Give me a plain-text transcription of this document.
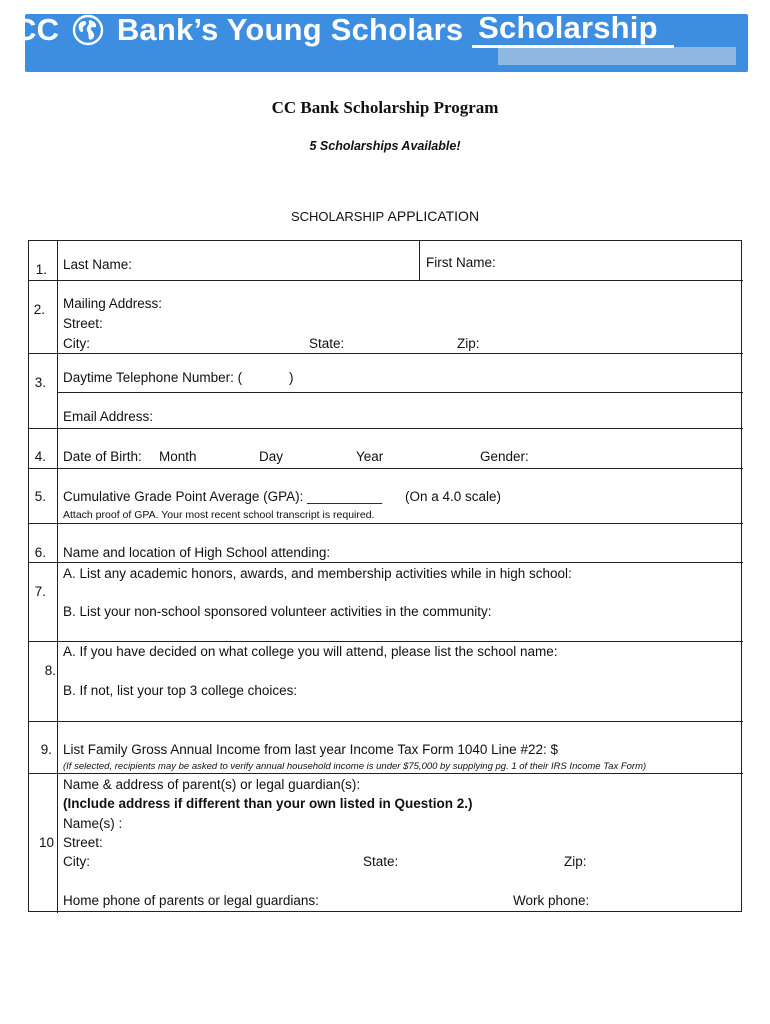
CC Bank’s Young Scholars Scholarship
CC Bank Scholarship Program
5 Scholarships Available!
SCHOLARSHIP APPLICATION
1. Last Name:	First Name:
2. Mailing Address:
Street:
City:	State:	Zip:
3. Daytime Telephone Number: (	)
Email Address:
4. Date of Birth: Month	Day	Year	Gender:
5. Cumulative Grade Point Average (GPA): __________ (On a 4.0 scale)
Attach proof of GPA. Your most recent school transcript is required.
6. Name and location of High School attending:
7.
A. List any academic honors, awards, and membership activities while in high school:
B. List your non-school sponsored volunteer activities in the community:
8.
A. If you have decided on what college you will attend, please list the school name:
B. If not, list your top 3 college choices:
9. List Family Gross Annual Income from last year Income Tax Form 1040 Line #22: $
(If selected, recipients may be asked to verify annual household income is under $75,000 by supplying pg. 1 of their IRS Income Tax Form)
10
Name & address of parent(s) or legal guardian(s):
(Include address if different than your own listed in Question 2.)
Name(s) :
Street:
City:	State:	Zip:
Home phone of parents or legal guardians:	Work phone:
